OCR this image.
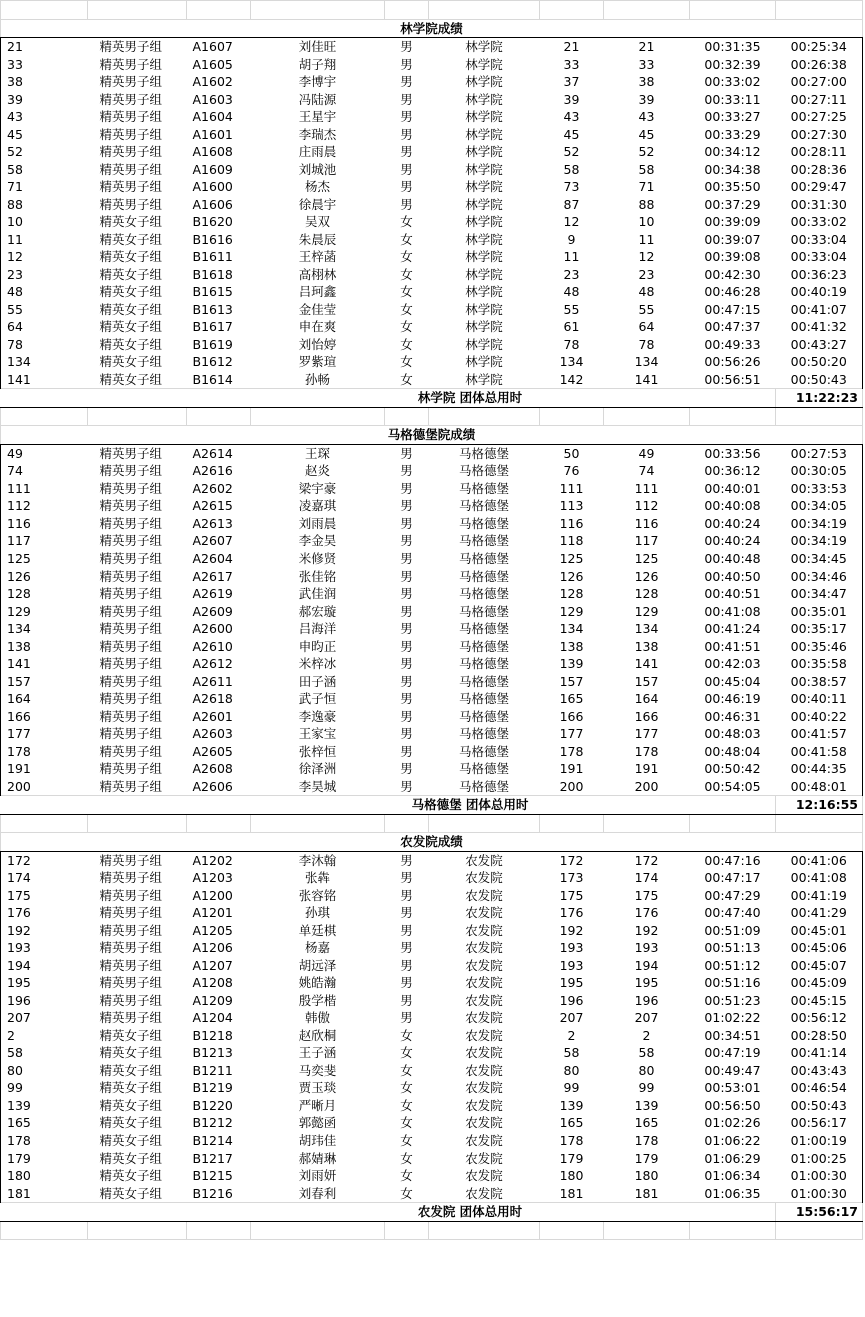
林学院成绩									
21	精英男子组	A1607	刘佳旺	男	林学院	21	21	00:31:35	00:25:34
33	精英男子组	A1605	胡子翔	男	林学院	33	33	00:32:39	00:26:38
38	精英男子组	A1602	李博宇	男	林学院	37	38	00:33:02	00:27:00
39	精英男子组	A1603	冯陆源	男	林学院	39	39	00:33:11	00:27:11
43	精英男子组	A1604	王星宇	男	林学院	43	43	00:33:27	00:27:25
45	精英男子组	A1601	李瑞杰	男	林学院	45	45	00:33:29	00:27:30
52	精英男子组	A1608	庄雨晨	男	林学院	52	52	00:34:12	00:28:11
58	精英男子组	A1609	刘城池	男	林学院	58	58	00:34:38	00:28:36
71	精英男子组	A1600	杨杰	男	林学院	73	71	00:35:50	00:29:47
88	精英男子组	A1606	徐晨宇	男	林学院	87	88	00:37:29	00:31:30
10	精英女子组	B1620	吴双	女	林学院	12	10	00:39:09	00:33:02
11	精英女子组	B1616	朱晨辰	女	林学院	9	11	00:39:07	00:33:04
12	精英女子组	B1611	王梓菡	女	林学院	11	12	00:39:08	00:33:04
23	精英女子组	B1618	高栩林	女	林学院	23	23	00:42:30	00:36:23
48	精英女子组	B1615	吕珂鑫	女	林学院	48	48	00:46:28	00:40:19
55	精英女子组	B1613	金佳莹	女	林学院	55	55	00:47:15	00:41:07
64	精英女子组	B1617	申在爽	女	林学院	61	64	00:47:37	00:41:32
78	精英女子组	B1619	刘怡婷	女	林学院	78	78	00:49:33	00:43:27
134	精英女子组	B1612	罗紫瑄	女	林学院	134	134	00:56:26	00:50:20
141	精英女子组	B1614	孙畅	女	林学院	142	141	00:56:51	00:50:43
			林学院 团体总用时						11:22:23

马格德堡院成绩									
49	精英男子组	A2614	王琛	男	马格德堡	50	49	00:33:56	00:27:53
74	精英男子组	A2616	赵炎	男	马格德堡	76	74	00:36:12	00:30:05
111	精英男子组	A2602	梁宇豪	男	马格德堡	111	111	00:40:01	00:33:53
112	精英男子组	A2615	凌嘉琪	男	马格德堡	113	112	00:40:08	00:34:05
116	精英男子组	A2613	刘雨晨	男	马格德堡	116	116	00:40:24	00:34:19
117	精英男子组	A2607	李金昊	男	马格德堡	118	117	00:40:24	00:34:19
125	精英男子组	A2604	米修贤	男	马格德堡	125	125	00:40:48	00:34:45
126	精英男子组	A2617	张佳铭	男	马格德堡	126	126	00:40:50	00:34:46
128	精英男子组	A2619	武佳润	男	马格德堡	128	128	00:40:51	00:34:47
129	精英男子组	A2609	郝宏璇	男	马格德堡	129	129	00:41:08	00:35:01
134	精英男子组	A2600	吕海洋	男	马格德堡	134	134	00:41:24	00:35:17
138	精英男子组	A2610	申昀正	男	马格德堡	138	138	00:41:51	00:35:46
141	精英男子组	A2612	米梓冰	男	马格德堡	139	141	00:42:03	00:35:58
157	精英男子组	A2611	田子涵	男	马格德堡	157	157	00:45:04	00:38:57
164	精英男子组	A2618	武子恒	男	马格德堡	165	164	00:46:19	00:40:11
166	精英男子组	A2601	李逸豪	男	马格德堡	166	166	00:46:31	00:40:22
177	精英男子组	A2603	王家宝	男	马格德堡	177	177	00:48:03	00:41:57
178	精英男子组	A2605	张梓恒	男	马格德堡	178	178	00:48:04	00:41:58
191	精英男子组	A2608	徐泽洲	男	马格德堡	191	191	00:50:42	00:44:35
200	精英男子组	A2606	李昊城	男	马格德堡	200	200	00:54:05	00:48:01
			马格德堡 团体总用时						12:16:55

农发院成绩									
172	精英男子组	A1202	李沐翰	男	农发院	172	172	00:47:16	00:41:06
174	精英男子组	A1203	张犇	男	农发院	173	174	00:47:17	00:41:08
175	精英男子组	A1200	张容铭	男	农发院	175	175	00:47:29	00:41:19
176	精英男子组	A1201	孙琪	男	农发院	176	176	00:47:40	00:41:29
192	精英男子组	A1205	单廷棋	男	农发院	192	192	00:51:09	00:45:01
193	精英男子组	A1206	杨嘉	男	农发院	193	193	00:51:13	00:45:06
194	精英男子组	A1207	胡远泽	男	农发院	193	194	00:51:12	00:45:07
195	精英男子组	A1208	姚皓瀚	男	农发院	195	195	00:51:16	00:45:09
196	精英男子组	A1209	殷学楷	男	农发院	196	196	00:51:23	00:45:15
207	精英男子组	A1204	韩傲	男	农发院	207	207	01:02:22	00:56:12
2	精英女子组	B1218	赵欣桐	女	农发院	2	2	00:34:51	00:28:50
58	精英女子组	B1213	王子涵	女	农发院	58	58	00:47:19	00:41:14
80	精英女子组	B1211	马奕斐	女	农发院	80	80	00:49:47	00:43:43
99	精英女子组	B1219	贾玉琰	女	农发院	99	99	00:53:01	00:46:54
139	精英女子组	B1220	严晰月	女	农发院	139	139	00:56:50	00:50:43
165	精英女子组	B1212	郭懿函	女	农发院	165	165	01:02:26	00:56:17
178	精英女子组	B1214	胡玮佳	女	农发院	178	178	01:06:22	01:00:19
179	精英女子组	B1217	郝婧琳	女	农发院	179	179	01:06:29	01:00:25
180	精英女子组	B1215	刘雨妍	女	农发院	180	180	01:06:34	01:00:30
181	精英女子组	B1216	刘春利	女	农发院	181	181	01:06:35	01:00:30
			农发院 团体总用时						15:56:17
